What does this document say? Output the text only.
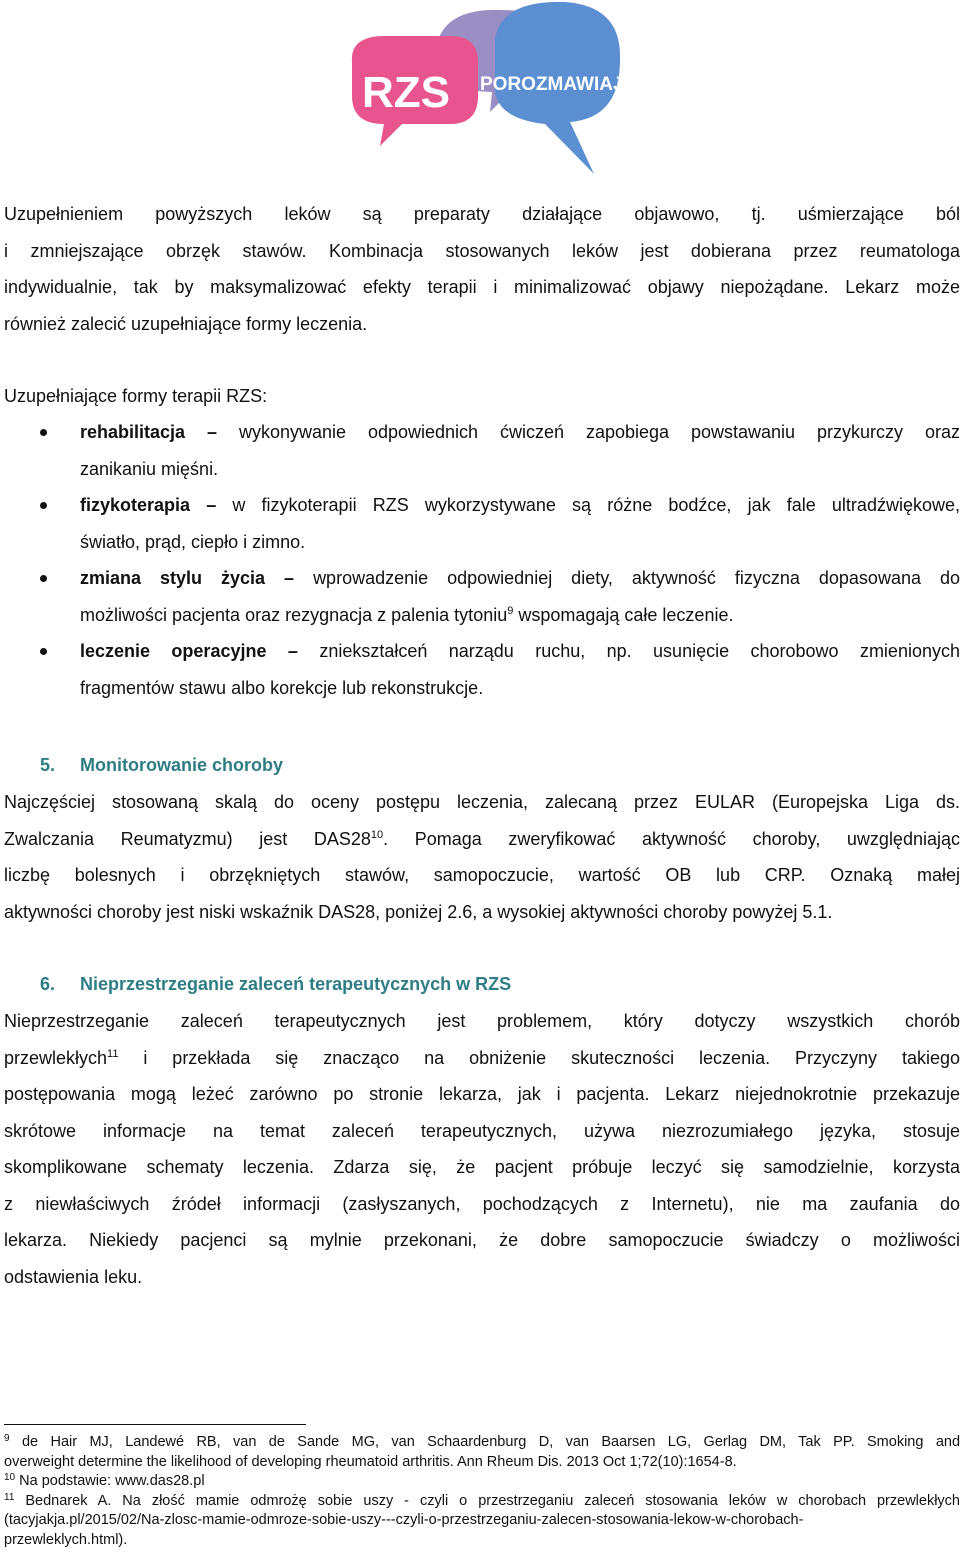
RZS POROZMAWIAJMY
Uzupełnieniem powyższych leków są preparaty działające objawowo, tj. uśmierzające ból
i zmniejszające obrzęk stawów. Kombinacja stosowanych leków jest dobierana przez reumatologa
indywidualnie, tak by maksymalizować efekty terapii i minimalizować objawy niepożądane. Lekarz może
również zalecić uzupełniające formy leczenia.
Uzupełniające formy terapii RZS:
rehabilitacja – wykonywanie odpowiednich ćwiczeń zapobiega powstawaniu przykurczy oraz
zanikaniu mięśni.
fizykoterapia – w fizykoterapii RZS wykorzystywane są różne bodźce, jak fale ultradźwiękowe,
światło, prąd, ciepło i zimno.
zmiana stylu życia – wprowadzenie odpowiedniej diety, aktywność fizyczna dopasowana do
możliwości pacjenta oraz rezygnacja z palenia tytoniu$^9$ wspomagają całe leczenie.
leczenie operacyjne – zniekształceń narządu ruchu, np. usunięcie chorobowo zmienionych
fragmentów stawu albo korekcje lub rekonstrukcje.
5. Monitorowanie choroby
Najczęściej stosowaną skalą do oceny postępu leczenia, zalecaną przez EULAR (Europejska Liga ds.
Zwalczania Reumatyzmu) jest $DAS28^{10}$. Pomaga zweryfikować aktywność choroby, uwzględniając
liczbę bolesnych i obrzękniętych stawów, samopoczucie, wartość OB lub CRP. Oznaką małej
aktywności choroby jest niski wskaźnik DAS28, poniżej 2.6, a wysokiej aktywności choroby powyżej 5.1.
6. Nieprzestrzeganie zaleceń terapeutycznych w RZS
Nieprzestrzeganie zaleceń terapeutycznych jest problemem, który dotyczy wszystkich chorób
przewlekłych$^{11}$ i przekłada się znacząco na obniżenie skuteczności leczenia. Przyczyny takiego
postępowania mogą leżeć zarówno po stronie lekarza, jak i pacjenta. Lekarz niejednokrotnie przekazuje
skrótowe informacje na temat zaleceń terapeutycznych, używa niezrozumiałego języka, stosuje
skomplikowane schematy leczenia. Zdarza się, że pacjent próbuje leczyć się samodzielnie, korzysta
z niewłaściwych źródeł informacji (zasłyszanych, pochodzących z Internetu), nie ma zaufania do
lekarza. Niekiedy pacjenci są mylnie przekonani, że dobre samopoczucie świadczy o możliwości
odstawienia leku.
$^9$ de Hair MJ, Landewé RB, van de Sande MG, van Schaardenburg D, van Baarsen LG, Gerlag DM, Tak PP. Smoking and
overweight determine the likelihood of developing rheumatoid arthritis. Ann Rheum Dis. 2013 Oct 1;72(10):1654-8.
$^{10}$ Na podstawie: www.das28.pl
$^{11}$ Bednarek A. Na złość mamie odmrożę sobie uszy - czyli o przestrzeganiu zaleceń stosowania leków w chorobach przewlekłych
(tacyjakja.pl/2015/02/Na-zlosc-mamie-odmroze-sobie-uszy---czyli-o-przestrzeganiu-zalecen-stosowania-lekow-w-chorobach-
przewleklych.html).
